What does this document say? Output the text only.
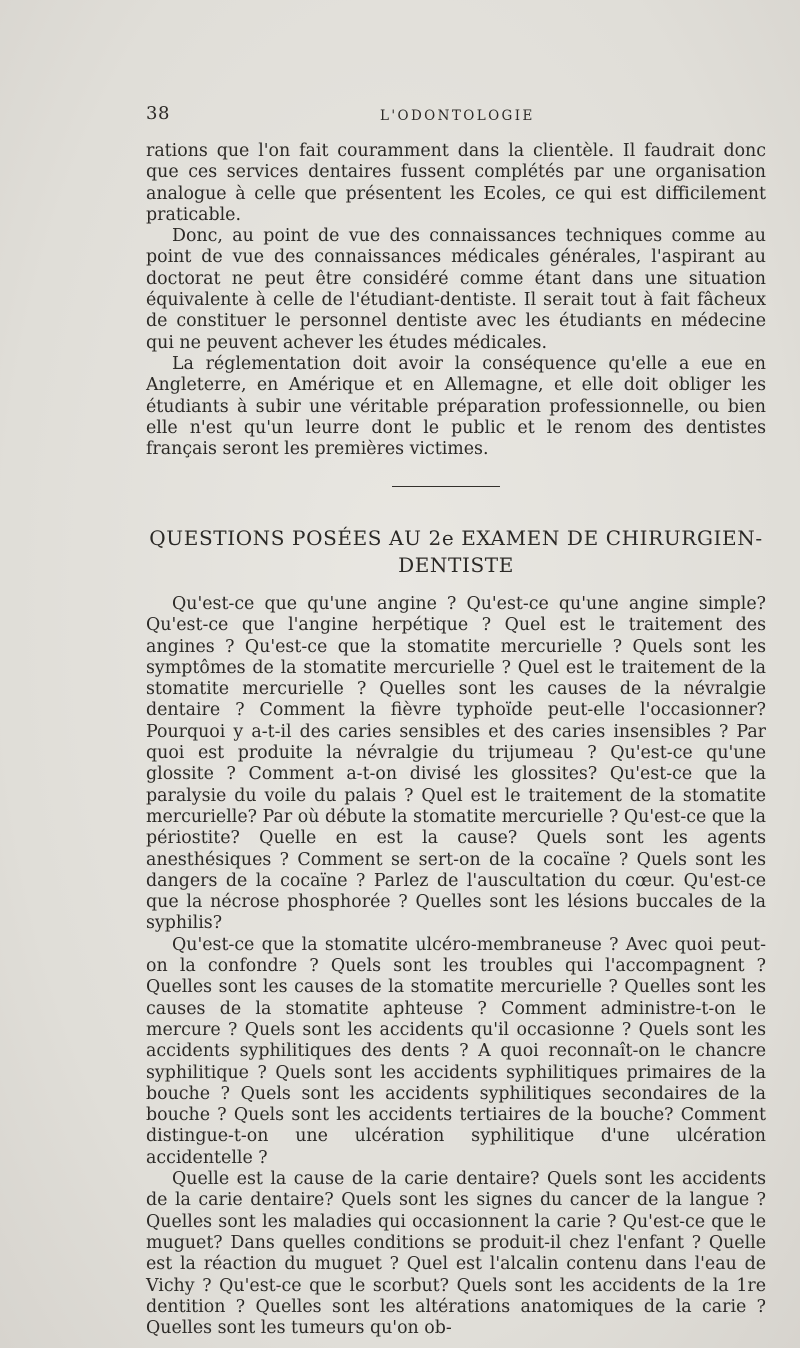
38	L'ODONTOLOGIE

rations que l'on fait couramment dans la clientèle. Il faudrait donc que ces services dentaires fussent complétés par une organisation analogue à celle que présentent les Ecoles, ce qui est difficilement praticable.

Donc, au point de vue des connaissances techniques comme au point de vue des connaissances médicales générales, l'aspirant au doctorat ne peut être considéré comme étant dans une situation équivalente à celle de l'étudiant-dentiste. Il serait tout à fait fâcheux de constituer le personnel dentiste avec les étudiants en médecine qui ne peuvent achever les études médicales.

La réglementation doit avoir la conséquence qu'elle a eue en Angleterre, en Amérique et en Allemagne, et elle doit obliger les étudiants à subir une véritable préparation professionnelle, ou bien elle n'est qu'un leurre dont le public et le renom des dentistes français seront les premières victimes.

QUESTIONS POSÉES AU 2e EXAMEN DE CHIRURGIEN-
DENTISTE

Qu'est-ce que qu'une angine ? Qu'est-ce qu'une angine simple? Qu'est-ce que l'angine herpétique ? Quel est le traitement des angines ? Qu'est-ce que la stomatite mercurielle ? Quels sont les symptômes de la stomatite mercurielle ? Quel est le traitement de la stomatite mercurielle ? Quelles sont les causes de la névralgie dentaire ? Comment la fièvre typhoïde peut-elle l'occasionner? Pourquoi y a-t-il des caries sensibles et des caries insensibles ? Par quoi est produite la névralgie du trijumeau ? Qu'est-ce qu'une glossite ? Comment a-t-on divisé les glossites? Qu'est-ce que la paralysie du voile du palais ? Quel est le traitement de la stomatite mercurielle? Par où débute la stomatite mercurielle ? Qu'est-ce que la périostite? Quelle en est la cause? Quels sont les agents anesthésiques ? Comment se sert-on de la cocaïne ? Quels sont les dangers de la cocaïne ? Parlez de l'auscultation du cœur. Qu'est-ce que la nécrose phosphorée ? Quelles sont les lésions buccales de la syphilis?

Qu'est-ce que la stomatite ulcéro-membraneuse ? Avec quoi peut-on la confondre ? Quels sont les troubles qui l'accompagnent ? Quelles sont les causes de la stomatite mercurielle ? Quelles sont les causes de la stomatite aphteuse ? Comment administre-t-on le mercure ? Quels sont les accidents qu'il occasionne ? Quels sont les accidents syphilitiques des dents ? A quoi reconnaît-on le chancre syphilitique ? Quels sont les accidents syphilitiques primaires de la bouche ? Quels sont les accidents syphilitiques secondaires de la bouche ? Quels sont les accidents tertiaires de la bouche? Comment distingue-t-on une ulcération syphilitique d'une ulcération accidentelle ?

Quelle est la cause de la carie dentaire? Quels sont les accidents de la carie dentaire? Quels sont les signes du cancer de la langue ? Quelles sont les maladies qui occasionnent la carie ? Qu'est-ce que le muguet? Dans quelles conditions se produit-il chez l'enfant ? Quelle est la réaction du muguet ? Quel est l'alcalin contenu dans l'eau de Vichy ? Qu'est-ce que le scorbut? Quels sont les accidents de la 1re dentition ? Quelles sont les altérations anatomiques de la carie ? Quelles sont les tumeurs qu'on ob-
